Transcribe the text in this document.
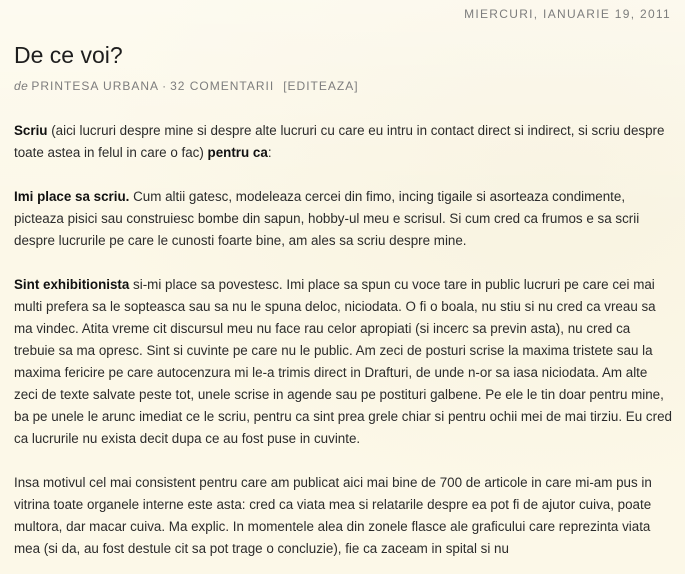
MIERCURI, IANUARIE 19, 2011
De ce voi?
de PRINTESA URBANA · 32 COMENTARII [EDITEAZA]

Scriu (aici lucruri despre mine si despre alte lucruri cu care eu intru in contact direct si indirect, si scriu despre toate astea in felul in care o fac) pentru ca:

Imi place sa scriu. Cum altii gatesc, modeleaza cercei din fimo, incing tigaile si asorteaza condimente, picteaza pisici sau construiesc bombe din sapun, hobby-ul meu e scrisul. Si cum cred ca frumos e sa scrii despre lucrurile pe care le cunosti foarte bine, am ales sa scriu despre mine.

Sint exhibitionista si-mi place sa povestesc. Imi place sa spun cu voce tare in public lucruri pe care cei mai multi prefera sa le sopteasca sau sa nu le spuna deloc, niciodata. O fi o boala, nu stiu si nu cred ca vreau sa ma vindec. Atita vreme cit discursul meu nu face rau celor apropiati (si incerc sa previn asta), nu cred ca trebuie sa ma opresc. Sint si cuvinte pe care nu le public. Am zeci de posturi scrise la maxima tristete sau la maxima fericire pe care autocenzura mi le-a trimis direct in Drafturi, de unde n-or sa iasa niciodata. Am alte zeci de texte salvate peste tot, unele scrise in agende sau pe postituri galbene. Pe ele le tin doar pentru mine, ba pe unele le arunc imediat ce le scriu, pentru ca sint prea grele chiar si pentru ochii mei de mai tirziu. Eu cred ca lucrurile nu exista decit dupa ce au fost puse in cuvinte.

Insa motivul cel mai consistent pentru care am publicat aici mai bine de 700 de articole in care mi-am pus in vitrina toate organele interne este asta: cred ca viata mea si relatarile despre ea pot fi de ajutor cuiva, poate multora, dar macar cuiva. Ma explic. In momentele alea din zonele flasce ale graficului care reprezinta viata mea (si da, au fost destule cit sa pot trage o concluzie), fie ca zaceam in spital si nu
